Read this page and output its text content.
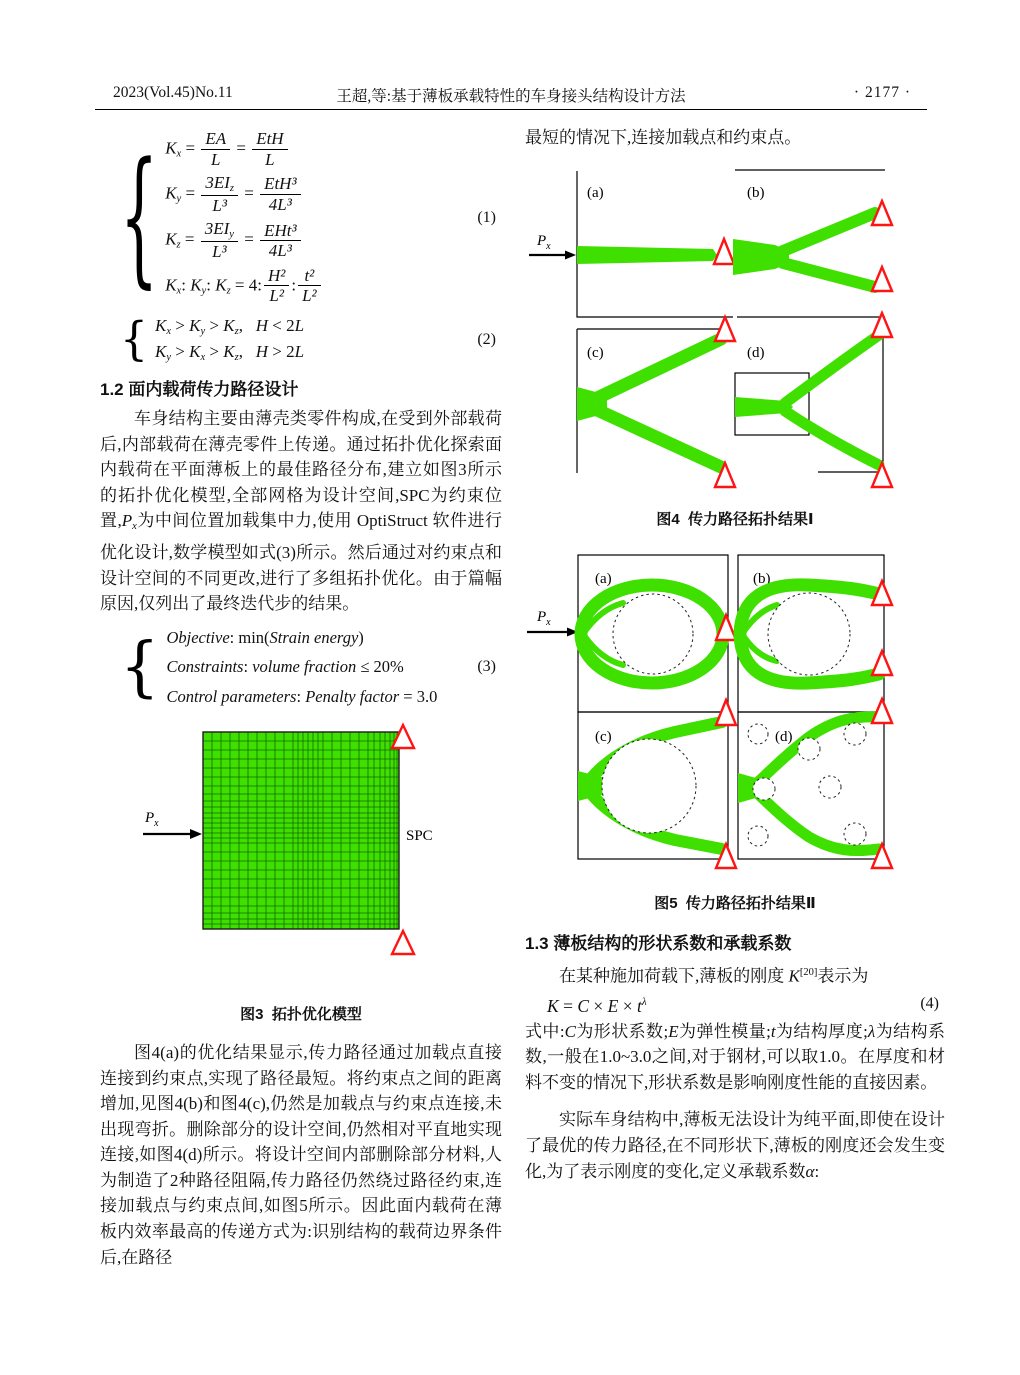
2023(Vol.45)No.11	王超,等:基于薄板承载特性的车身接头结构设计方法	· 2177 ·
{ $Kx = \frac{EA}{L} = \frac{\text{EtH}}{L}$
$Ky = \frac{\text{3EIz}}{\text{L³}} = \frac{\text{EtH³}}{\text{4L³}}$
$Kz = \frac{\text{3EIy}}{\text{L³}} = \frac{\text{EHt³}}{\text{4L³}}$
Kx: Ky: Kz = 4: $\frac{\text{H²}}{\text{L²}}$ : $\frac{\text{t²}}{\text{L²}}$
(1)
{ Kx > Ky > Kz,   H < 2L
Ky > Kx > Kz,   H > 2L
(2)
1.2 面内载荷传力路径设计

车身结构主要由薄壳类零件构成,在受到外部载荷后,内部载荷在薄壳零件上传递。通过拓扑优化探索面内载荷在平面薄板上的最佳路径分布,建立如图3所示的拓扑优化模型,全部网格为设计空间,SPC为约束位置,Px为中间位置加载集中力,使用 OptiStruct 软件进行优化设计,数学模型如式(3)所示。然后通过对约束点和设计空间的不同更改,进行了多组拓扑优化。由于篇幅原因,仅列出了最终迭代步的结果。

{ Objective: min(Strain energy)
Constraints: volume fraction ≤ 20%
Control parameters: Penalty factor = 3.0
(3)
$P_x$
SPC
图3  拓扑优化模型

图4(a)的优化结果显示,传力路径通过加载点直接连接到约束点,实现了路径最短。将约束点之间的距离增加,见图4(b)和图4(c),仍然是加载点与约束点连接,未出现弯折。删除部分的设计空间,仍然相对平直地实现连接,如图4(d)所示。将设计空间内部删除部分材料,人为制造了2种路径阻隔,传力路径仍然绕过路径约束,连接加载点与约束点间,如图5所示。因此面内载荷在薄板内效率最高的传递方式为:识别结构的载荷边界条件后,在路径

最短的情况下,连接加载点和约束点。

(a)
$P_x$
(b)
(c)	(d)
图4  传力路径拓扑结果Ⅰ
(a)
$P_x$
(b)
(c)	(d)
图5  传力路径拓扑结果Ⅱ
1.3 薄板结构的形状系数和承载系数

在某种施加荷载下,薄板的刚度 K[20]表示为

$K = C \times E \times t^\lambda$	(4)

式中:C为形状系数;E为弹性模量;t为结构厚度;λ为结构系数,一般在1.0~3.0之间,对于钢材,可以取1.0。在厚度和材料不变的情况下,形状系数是影响刚度性能的直接因素。

实际车身结构中,薄板无法设计为纯平面,即使在设计了最优的传力路径,在不同形状下,薄板的刚度还会发生变化,为了表示刚度的变化,定义承载系数α:
